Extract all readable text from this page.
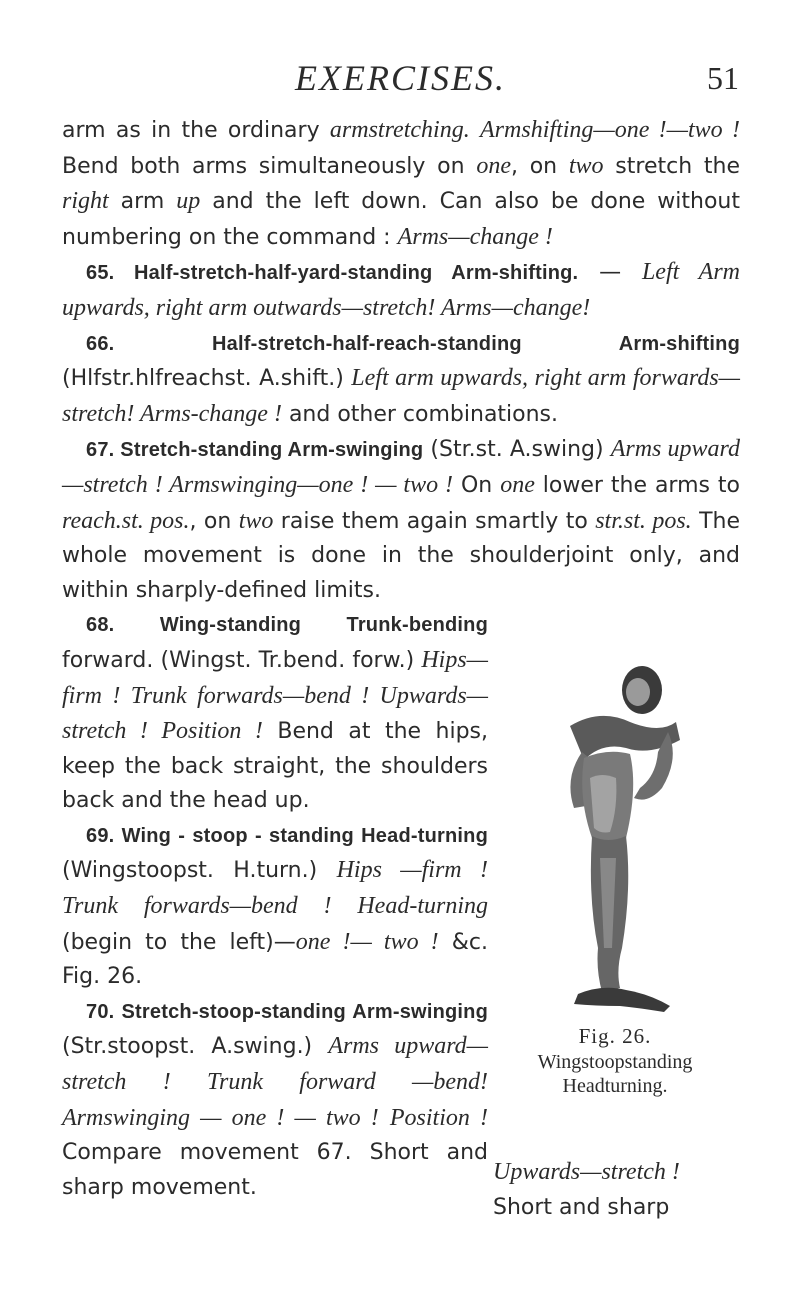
EXERCISES.	51

arm as in the ordinary armstretching. Armshifting—one !—two ! Bend both arms simultaneously on one, on two stretch the right arm up and the left down. Can also be done without numbering on the command : Arms—change !

65. Half-stretch-half-yard-standing Arm-shifting. — Left Arm upwards, right arm outwards—stretch! Arms—change!

66. Half-stretch-half-reach-standing Arm-shifting (Hlfstr.hlfreachst. A.shift.) Left arm upwards, right arm forwards—stretch! Arms-change ! and other combinations.

67. Stretch-standing Arm-swinging (Str.st. A.swing) Arms upward—stretch ! Armswinging—one ! — two ! On one lower the arms to reach.st. pos., on two raise them again smartly to str.st. pos. The whole movement is done in the shoulderjoint only, and within sharply-defined limits.

68. Wing-standing Trunk-bending forward. (Wingst. Tr.bend. forw.) Hips—firm ! Trunk forwards—bend ! Upwards—stretch ! Position ! Bend at the hips, keep the back straight, the shoulders back and the head up.

69. Wing - stoop - standing Head-turning (Wingstoopst. H.turn.) Hips —firm ! Trunk forwards—bend ! Head-turning (begin to the left)—one !— two ! &c. Fig. 26.

70. Stretch-stoop-standing Arm-swinging (Str.stoopst. A.swing.) Arms upward—stretch ! Trunk forward —bend! Armswinging — one ! — two ! Position ! Compare movement 67. Short and sharp movement.

Fig. 26.
Wingstoopstanding
Headturning.
Upwards—stretch !
Short and sharp
